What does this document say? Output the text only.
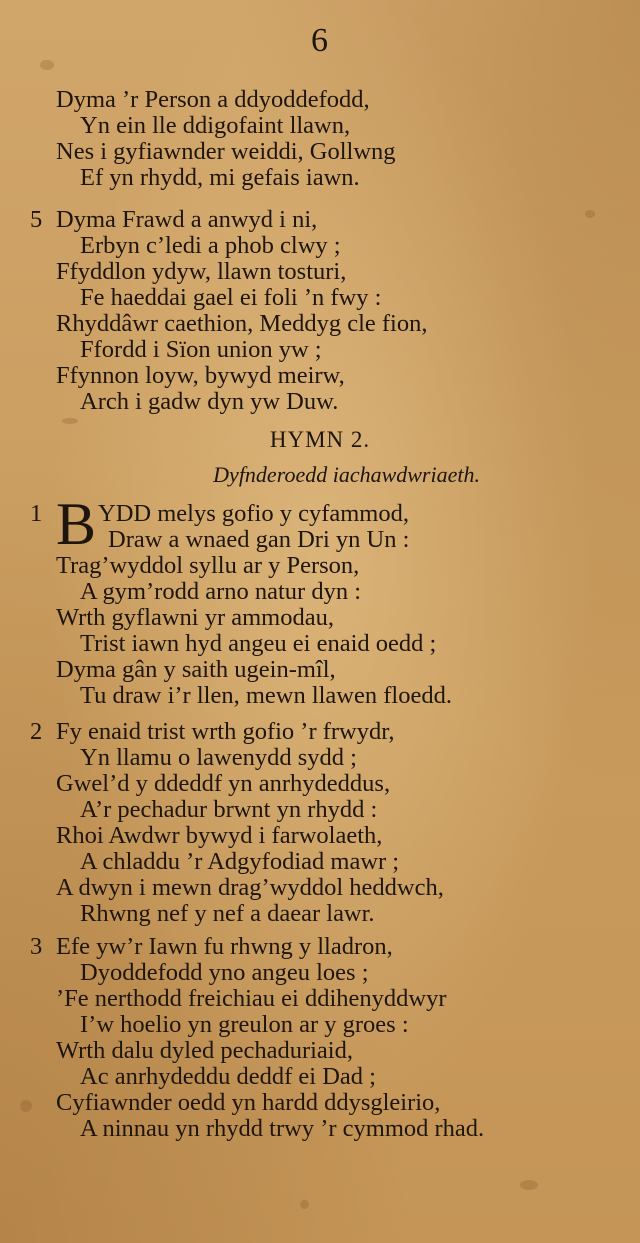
6
Dyma ’r Person a ddyoddefodd,
Yn ein lle ddigofaint llawn,
Nes i gyfiawnder weiddi, Gollwng
Ef yn rhydd, mi gefais iawn.
5 Dyma Frawd a anwyd i ni,
Erbyn c’ledi a phob clwy ;
Ffyddlon ydyw, llawn tosturi,
Fe haeddai gael ei foli ’n fwy :
Rhyddâwr caethion, Meddyg cle fion,
Ffordd i Sïon union yw ;
Ffynnon loyw, bywyd meirw,
Arch i gadw dyn yw Duw.
HYMN 2.
Dyfnderoedd iachawdwriaeth.
1 B YDD melys gofio y cyfammod,
Draw a wnaed gan Dri yn Un :
Trag’wyddol syllu ar y Person,
A gym’rodd arno natur dyn :
Wrth gyflawni yr ammodau,
Trist iawn hyd angeu ei enaid oedd ;
Dyma gân y saith ugein-mîl,
Tu draw i’r llen, mewn llawen floedd.
2 Fy enaid trist wrth gofio ’r frwydr,
Yn llamu o lawenydd sydd ;
Gwel’d y ddeddf yn anrhydeddus,
A’r pechadur brwnt yn rhydd :
Rhoi Awdwr bywyd i farwolaeth,
A chladdu ’r Adgyfodiad mawr ;
A dwyn i mewn drag’wyddol heddwch,
Rhwng nef y nef a daear lawr.
3 Efe yw’r Iawn fu rhwng y lladron,
Dyoddefodd yno angeu loes ;
’Fe nerthodd freichiau ei ddihenyddwyr
I’w hoelio yn greulon ar y groes :
Wrth dalu dyled pechaduriaid,
Ac anrhydeddu deddf ei Dad ;
Cyfiawnder oedd yn hardd ddysgleirio,
A ninnau yn rhydd trwy ’r cymmod rhad.
